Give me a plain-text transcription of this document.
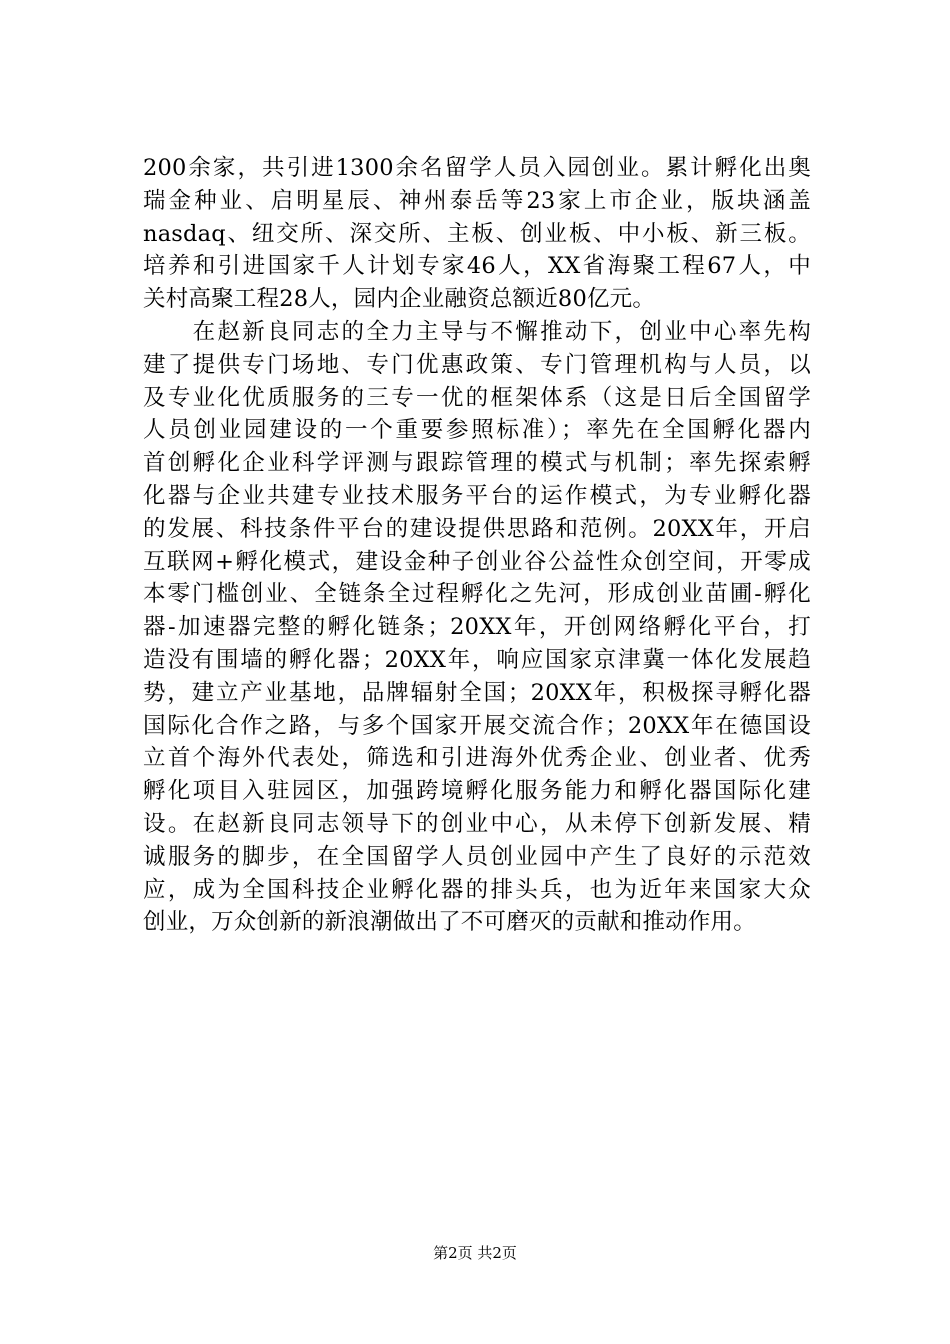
200余家，共引进1300余名留学人员入园创业。累计孵化出奥
瑞金种业、启明星辰、神州泰岳等23家上市企业，版块涵盖
nasdaq、纽交所、深交所、主板、创业板、中小板、新三板。
培养和引进国家千人计划专家46人，XX省海聚工程67人，中
关村高聚工程28人，园内企业融资总额近80亿元。
　　在赵新良同志的全力主导与不懈推动下，创业中心率先构
建了提供专门场地、专门优惠政策、专门管理机构与人员，以
及专业化优质服务的三专一优的框架体系（这是日后全国留学
人员创业园建设的一个重要参照标准）；率先在全国孵化器内
首创孵化企业科学评测与跟踪管理的模式与机制；率先探索孵
化器与企业共建专业技术服务平台的运作模式，为专业孵化器
的发展、科技条件平台的建设提供思路和范例。20XX年，开启
互联网+孵化模式，建设金种子创业谷公益性众创空间，开零成
本零门槛创业、全链条全过程孵化之先河，形成创业苗圃-孵化
器-加速器完整的孵化链条；20XX年，开创网络孵化平台，打
造没有围墙的孵化器；20XX年，响应国家京津冀一体化发展趋
势，建立产业基地，品牌辐射全国；20XX年，积极探寻孵化器
国际化合作之路，与多个国家开展交流合作；20XX年在德国设
立首个海外代表处，筛选和引进海外优秀企业、创业者、优秀
孵化项目入驻园区，加强跨境孵化服务能力和孵化器国际化建
设。在赵新良同志领导下的创业中心，从未停下创新发展、精
诚服务的脚步，在全国留学人员创业园中产生了良好的示范效
应，成为全国科技企业孵化器的排头兵，也为近年来国家大众
创业，万众创新的新浪潮做出了不可磨灭的贡献和推动作用。
第2页 共2页
